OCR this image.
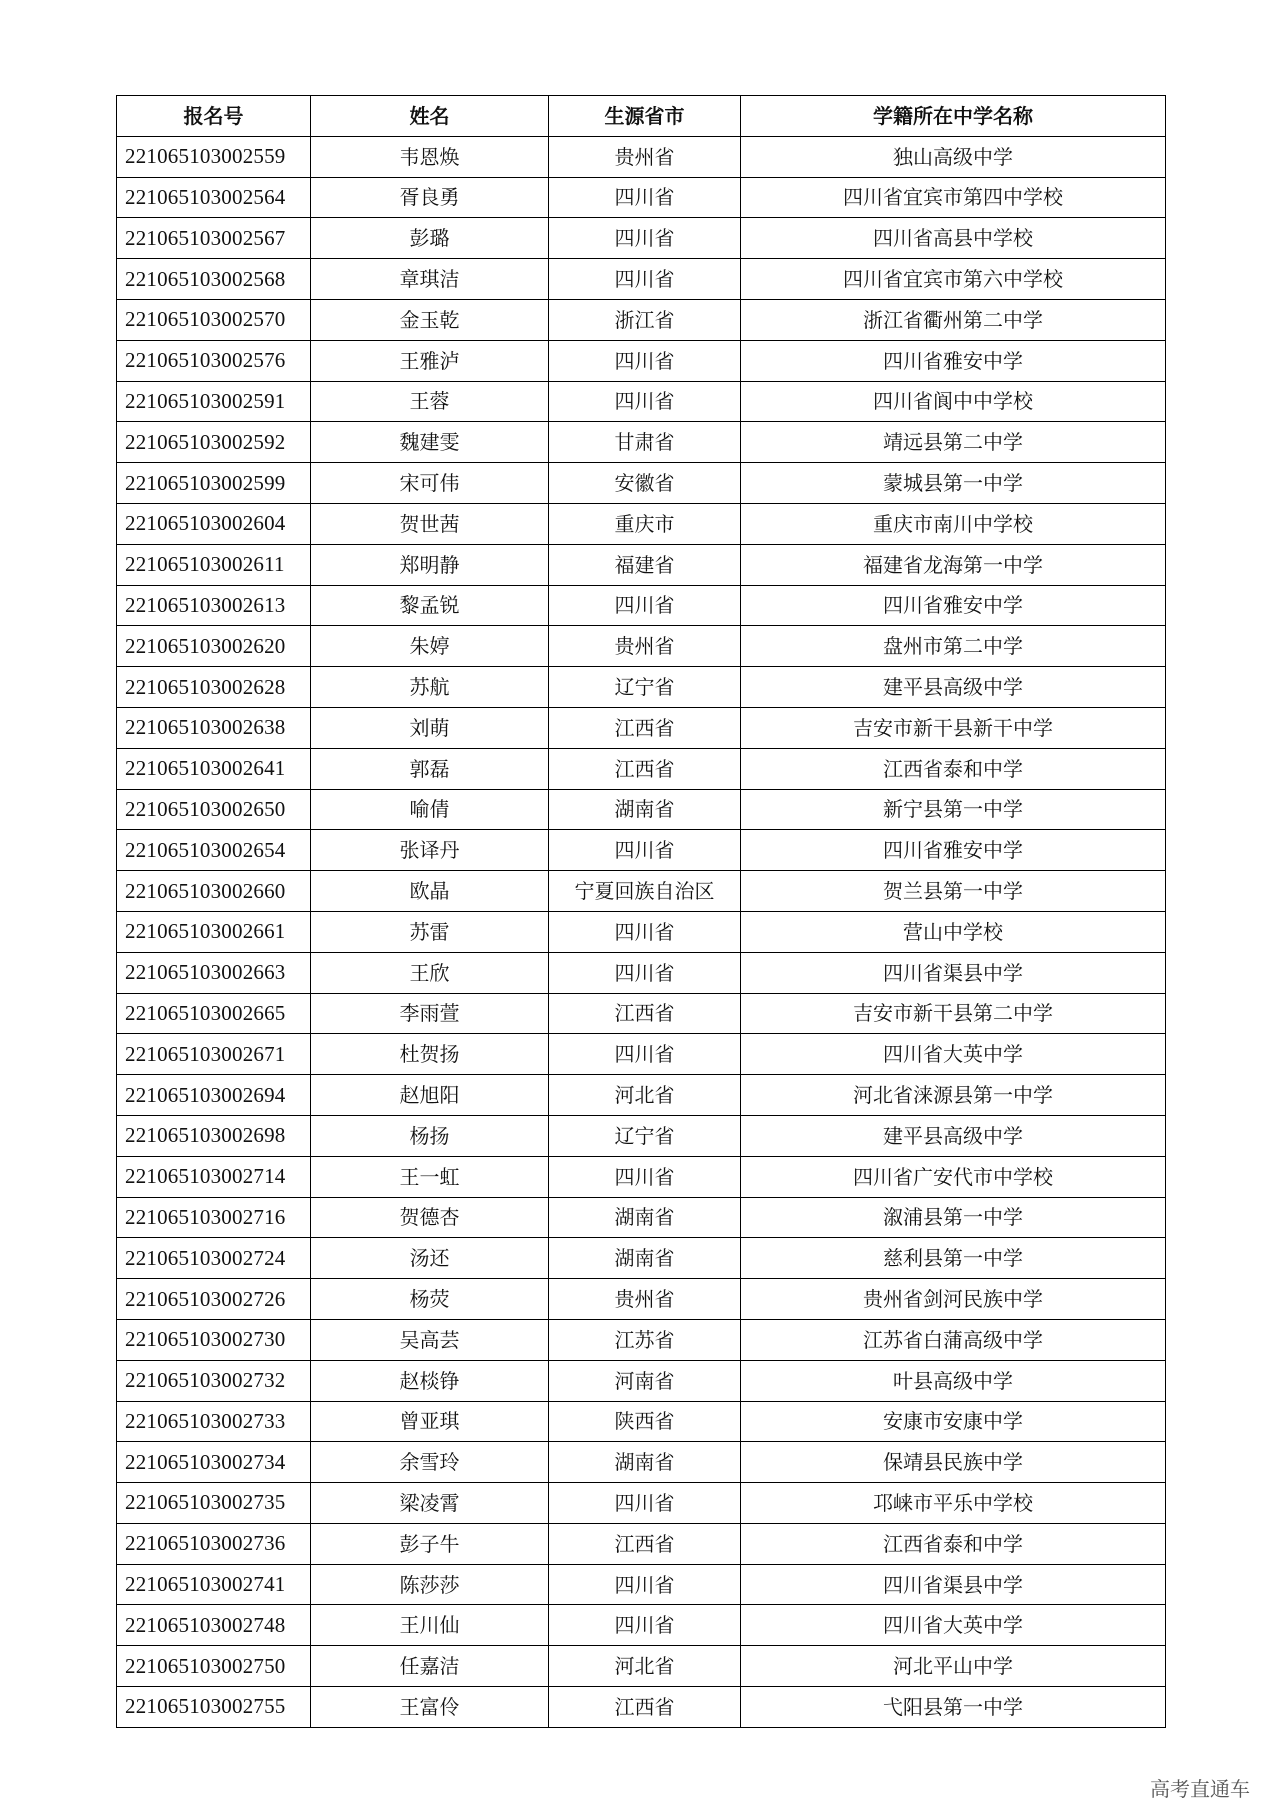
报名号	姓名	生源省市	学籍所在中学名称
221065103002559	韦恩焕	贵州省	独山高级中学
221065103002564	胥良勇	四川省	四川省宜宾市第四中学校
221065103002567	彭璐	四川省	四川省高县中学校
221065103002568	章琪洁	四川省	四川省宜宾市第六中学校
221065103002570	金玉乾	浙江省	浙江省衢州第二中学
221065103002576	王雅泸	四川省	四川省雅安中学
221065103002591	王蓉	四川省	四川省阆中中学校
221065103002592	魏建雯	甘肃省	靖远县第二中学
221065103002599	宋可伟	安徽省	蒙城县第一中学
221065103002604	贺世茜	重庆市	重庆市南川中学校
221065103002611	郑明静	福建省	福建省龙海第一中学
221065103002613	黎孟锐	四川省	四川省雅安中学
221065103002620	朱婷	贵州省	盘州市第二中学
221065103002628	苏航	辽宁省	建平县高级中学
221065103002638	刘萌	江西省	吉安市新干县新干中学
221065103002641	郭磊	江西省	江西省泰和中学
221065103002650	喻倩	湖南省	新宁县第一中学
221065103002654	张译丹	四川省	四川省雅安中学
221065103002660	欧晶	宁夏回族自治区	贺兰县第一中学
221065103002661	苏雷	四川省	营山中学校
221065103002663	王欣	四川省	四川省渠县中学
221065103002665	李雨萱	江西省	吉安市新干县第二中学
221065103002671	杜贺扬	四川省	四川省大英中学
221065103002694	赵旭阳	河北省	河北省涞源县第一中学
221065103002698	杨扬	辽宁省	建平县高级中学
221065103002714	王一虹	四川省	四川省广安代市中学校
221065103002716	贺德杏	湖南省	溆浦县第一中学
221065103002724	汤还	湖南省	慈利县第一中学
221065103002726	杨荧	贵州省	贵州省剑河民族中学
221065103002730	吴高芸	江苏省	江苏省白蒲高级中学
221065103002732	赵棪铮	河南省	叶县高级中学
221065103002733	曾亚琪	陕西省	安康市安康中学
221065103002734	余雪玲	湖南省	保靖县民族中学
221065103002735	梁凌霄	四川省	邛崃市平乐中学校
221065103002736	彭子牛	江西省	江西省泰和中学
221065103002741	陈莎莎	四川省	四川省渠县中学
221065103002748	王川仙	四川省	四川省大英中学
221065103002750	任嘉洁	河北省	河北平山中学
221065103002755	王富伶	江西省	弋阳县第一中学
高考直通车
